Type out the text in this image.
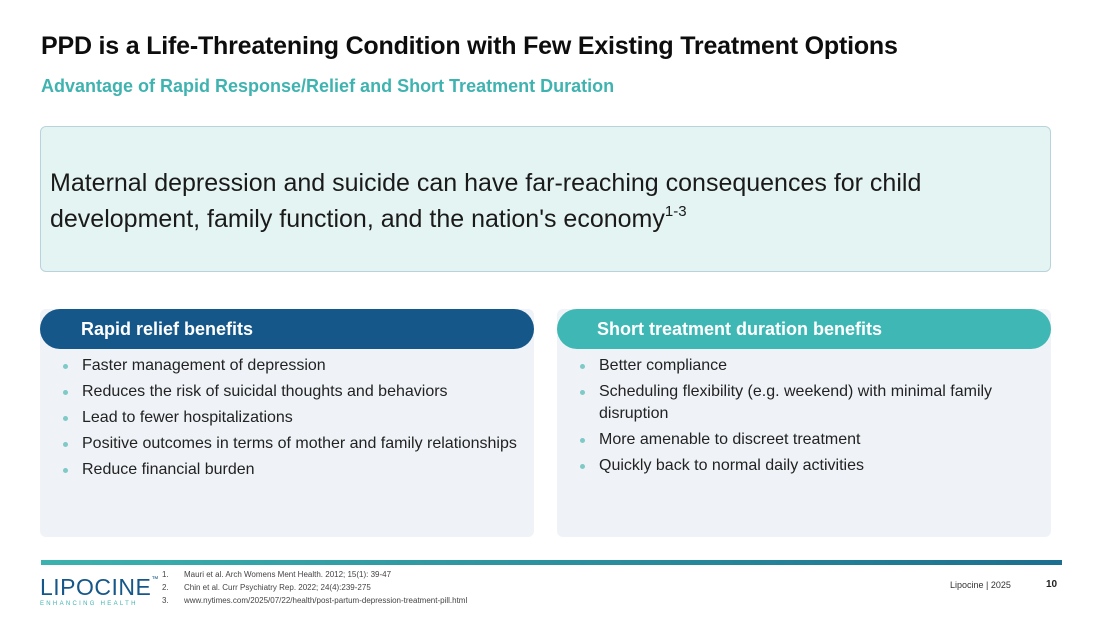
PPD is a Life-Threatening Condition with Few Existing Treatment Options
Advantage of Rapid Response/Relief and Short Treatment Duration

Maternal depression and suicide can have far-reaching consequences for child development, family function, and the nation's economy$^{1-3}$

Rapid relief benefits
Faster management of depression
Reduces the risk of suicidal thoughts and behaviors
Lead to fewer hospitalizations
Positive outcomes in terms of mother and family relationships
Reduce financial burden
Short treatment duration benefits
Better compliance
Scheduling flexibility (e.g. weekend) with minimal family disruption
More amenable to discreet treatment
Quickly back to normal daily activities
LIPOCINE™
ENHANCING HEALTH
1. Mauri et al. Arch Womens Ment Health. 2012; 15(1): 39-47
2. Chin et al. Curr Psychiatry Rep. 2022; 24(4):239-275
3. www.nytimes.com/2025/07/22/health/post-partum-depression-treatment-pill.html
Lipocine | 2025	10
